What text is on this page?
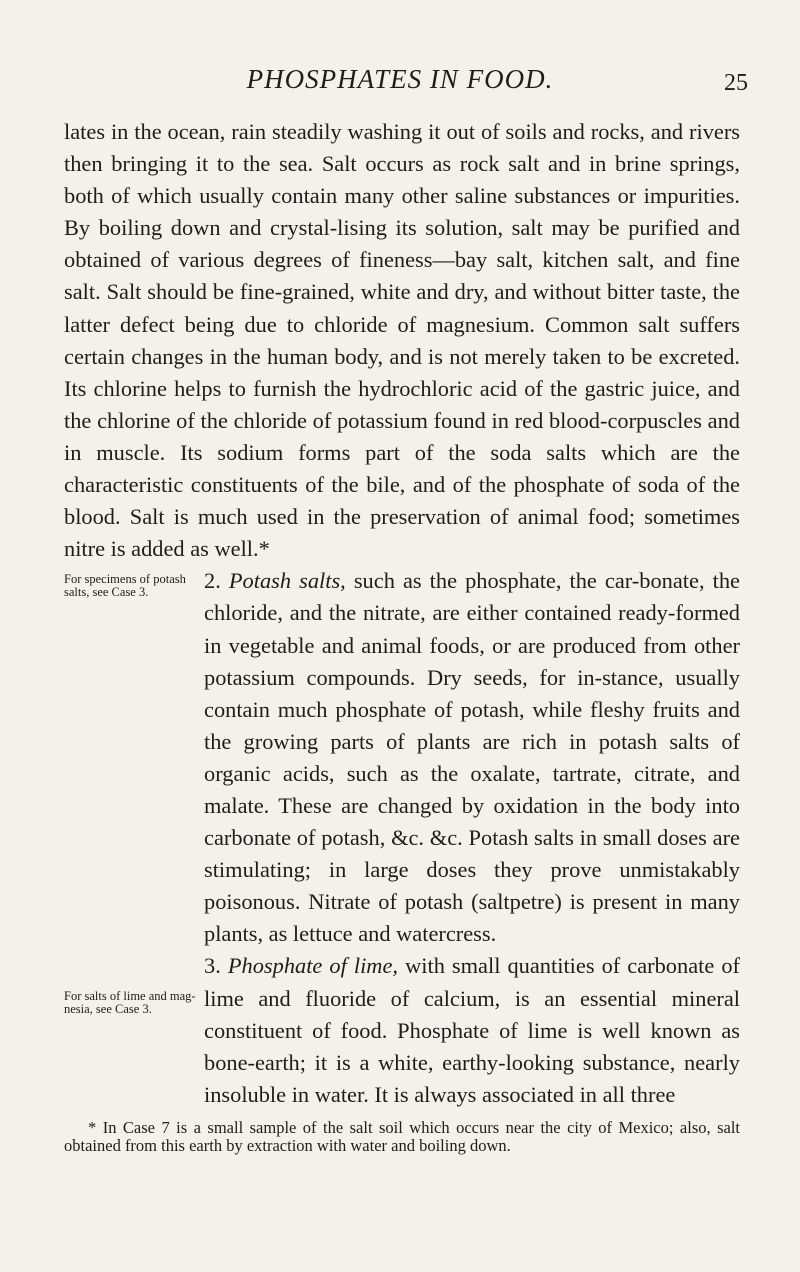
PHOSPHATES IN FOOD.	25

lates in the ocean, rain steadily washing it out of soils and rocks, and rivers then bringing it to the sea. Salt occurs as rock salt and in brine springs, both of which usually contain many other saline substances or impurities. By boiling down and crystal-lising its solution, salt may be purified and obtained of various degrees of fineness—bay salt, kitchen salt, and fine salt. Salt should be fine-grained, white and dry, and without bitter taste, the latter defect being due to chloride of magnesium. Common salt suffers certain changes in the human body, and is not merely taken to be excreted. Its chlorine helps to furnish the hydrochloric acid of the gastric juice, and the chlorine of the chloride of potassium found in red blood-corpuscles and in muscle. Its sodium forms part of the soda salts which are the characteristic constituents of the bile, and of the phosphate of soda of the blood. Salt is much used in the preservation of animal food; sometimes nitre is added as well.*

For specimens of potash salts, see Case 3.	2. Potash salts, such as the phosphate, the car-bonate, the chloride, and the nitrate, are either contained ready-formed in vegetable and animal foods, or are produced from other potassium compounds. Dry seeds, for in-stance, usually contain much phosphate of potash, while fleshy fruits and the growing parts of plants are rich in potash salts of organic acids, such as the oxalate, tartrate, citrate, and malate. These are changed by oxidation in the body into carbonate of potash, &c. &c. Potash salts in small doses are stimulating; in large doses they prove unmistakably poisonous. Nitrate of potash (saltpetre) is present in many plants, as lettuce and watercress.

For salts of lime and mag-nesia, see Case 3.

3. Phosphate of lime, with small quantities of carbonate of lime and fluoride of calcium, is an essential mineral constituent of food. Phosphate of lime is well known as bone-earth; it is a white, earthy-looking substance, nearly insoluble in water. It is always associated in all three

* In Case 7 is a small sample of the salt soil which occurs near the city of Mexico; also, salt obtained from this earth by extraction with water and boiling down.
